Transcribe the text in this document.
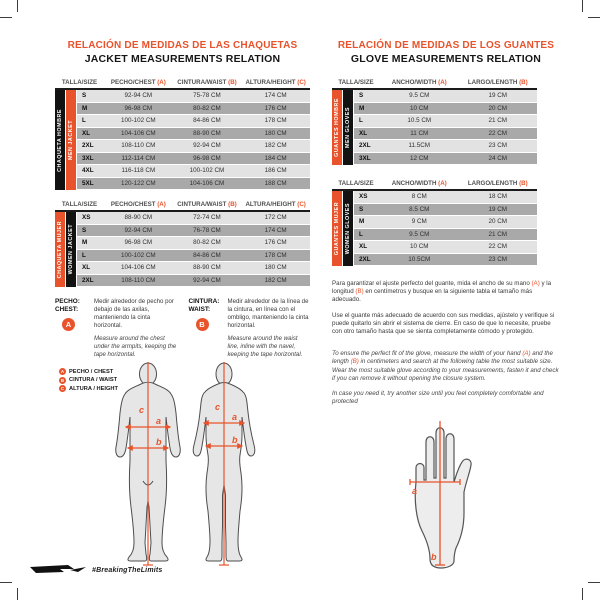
RELACIÓN DE MEDIDAS DE LAS CHAQUETAS
JACKET MEASUREMENTS RELATION
TALLA/SIZE	PECHO/CHEST (A)	CINTURA/WAIST (B)	ALTURA/HEIGHT (C)
CHAQUETA HOMBRE MEN JACKET
S	92-94 CM	75-78 CM	174 CM
M	96-98 CM	80-82 CM	176 CM
L	100-102 CM	84-86 CM	178 CM
XL	104-106 CM	88-90 CM	180 CM
2XL	108-110 CM	92-94 CM	182 CM
3XL	112-114 CM	96-98 CM	184 CM
4XL	116-118 CM	100-102 CM	186 CM
5XL	120-122 CM	104-106 CM	188 CM
TALLA/SIZE	PECHO/CHEST (A)	CINTURA/WAIST (B)	ALTURA/HEIGHT (C)
CHAQUETA MUJER WOMEN JACKET
XS	88-90 CM	72-74 CM	172 CM
S	92-94 CM	76-78 CM	174 CM
M	96-98 CM	80-82 CM	176 CM
L	100-102 CM	84-86 CM	178 CM
XL	104-106 CM	88-90 CM	180 CM
2XL	108-110 CM	92-94 CM	182 CM
PECHO:
CHEST:
A
Medir alrededor de pecho por debajo de las axilas, manteniendo la cinta horizontal.
Measure around the chest under the armpits, keeping the tape horizontal.
CINTURA:
WAIST:
B
Medir alrededor de la línea de la cintura, en línea con el ombligo, manteniendo la cinta horizontal.
Measure around the waist line, inline with the navel, keeping the tape horizontal.
A PECHO / CHEST
B CINTURA / WAIST
C ALTURA / HEIGHT
c
a
b
c
a
b
RELACIÓN DE MEDIDAS DE LOS GUANTES
GLOVE MEASUREMENTS RELATION
TALLA/SIZE	ANCHO/WIDTH (A)	LARGO/LENGTH (B)
GUANTES HOMBRE MEN GLOVES
S	9.5 CM	19 CM
M	10 CM	20 CM
L	10.5 CM	21 CM
XL	11 CM	22 CM
2XL	11.5CM	23 CM
3XL	12 CM	24 CM
TALLA/SIZE	ANCHO/WIDTH (A)	LARGO/LENGTH (B)
GUANTES MUJER WOMEN GLOVES
XS	8 CM	18 CM
S	8.5 CM	19 CM
M	9 CM	20 CM
L	9.5 CM	21 CM
XL	10 CM	22 CM
2XL	10.5CM	23 CM

Para garantizar el ajuste perfecto del guante, mida el ancho de su mano (A) y la longitud (B) en centímetros y busque en la siguiente tabla el tamaño más adecuado.

Use el guante más adecuado de acuerdo con sus medidas, ajústelo y verifique si puede quitarlo sin abrir el sistema de cierre. En caso de que lo necesite, pruebe con otro tamaño hasta que se sienta completamente cómodo y protegido.

To ensure the perfect fit of the glove, measure the width of your hand (A) and the length (B) in centimeters and search at the following table the most suitable size. Wear the most suitable glove according to your measurements, fasten it and check if you can remove it without opening the closure system.

In case you need it, try another size until you feel completely comfortable and protected

a
b
#BreakingTheLimits
